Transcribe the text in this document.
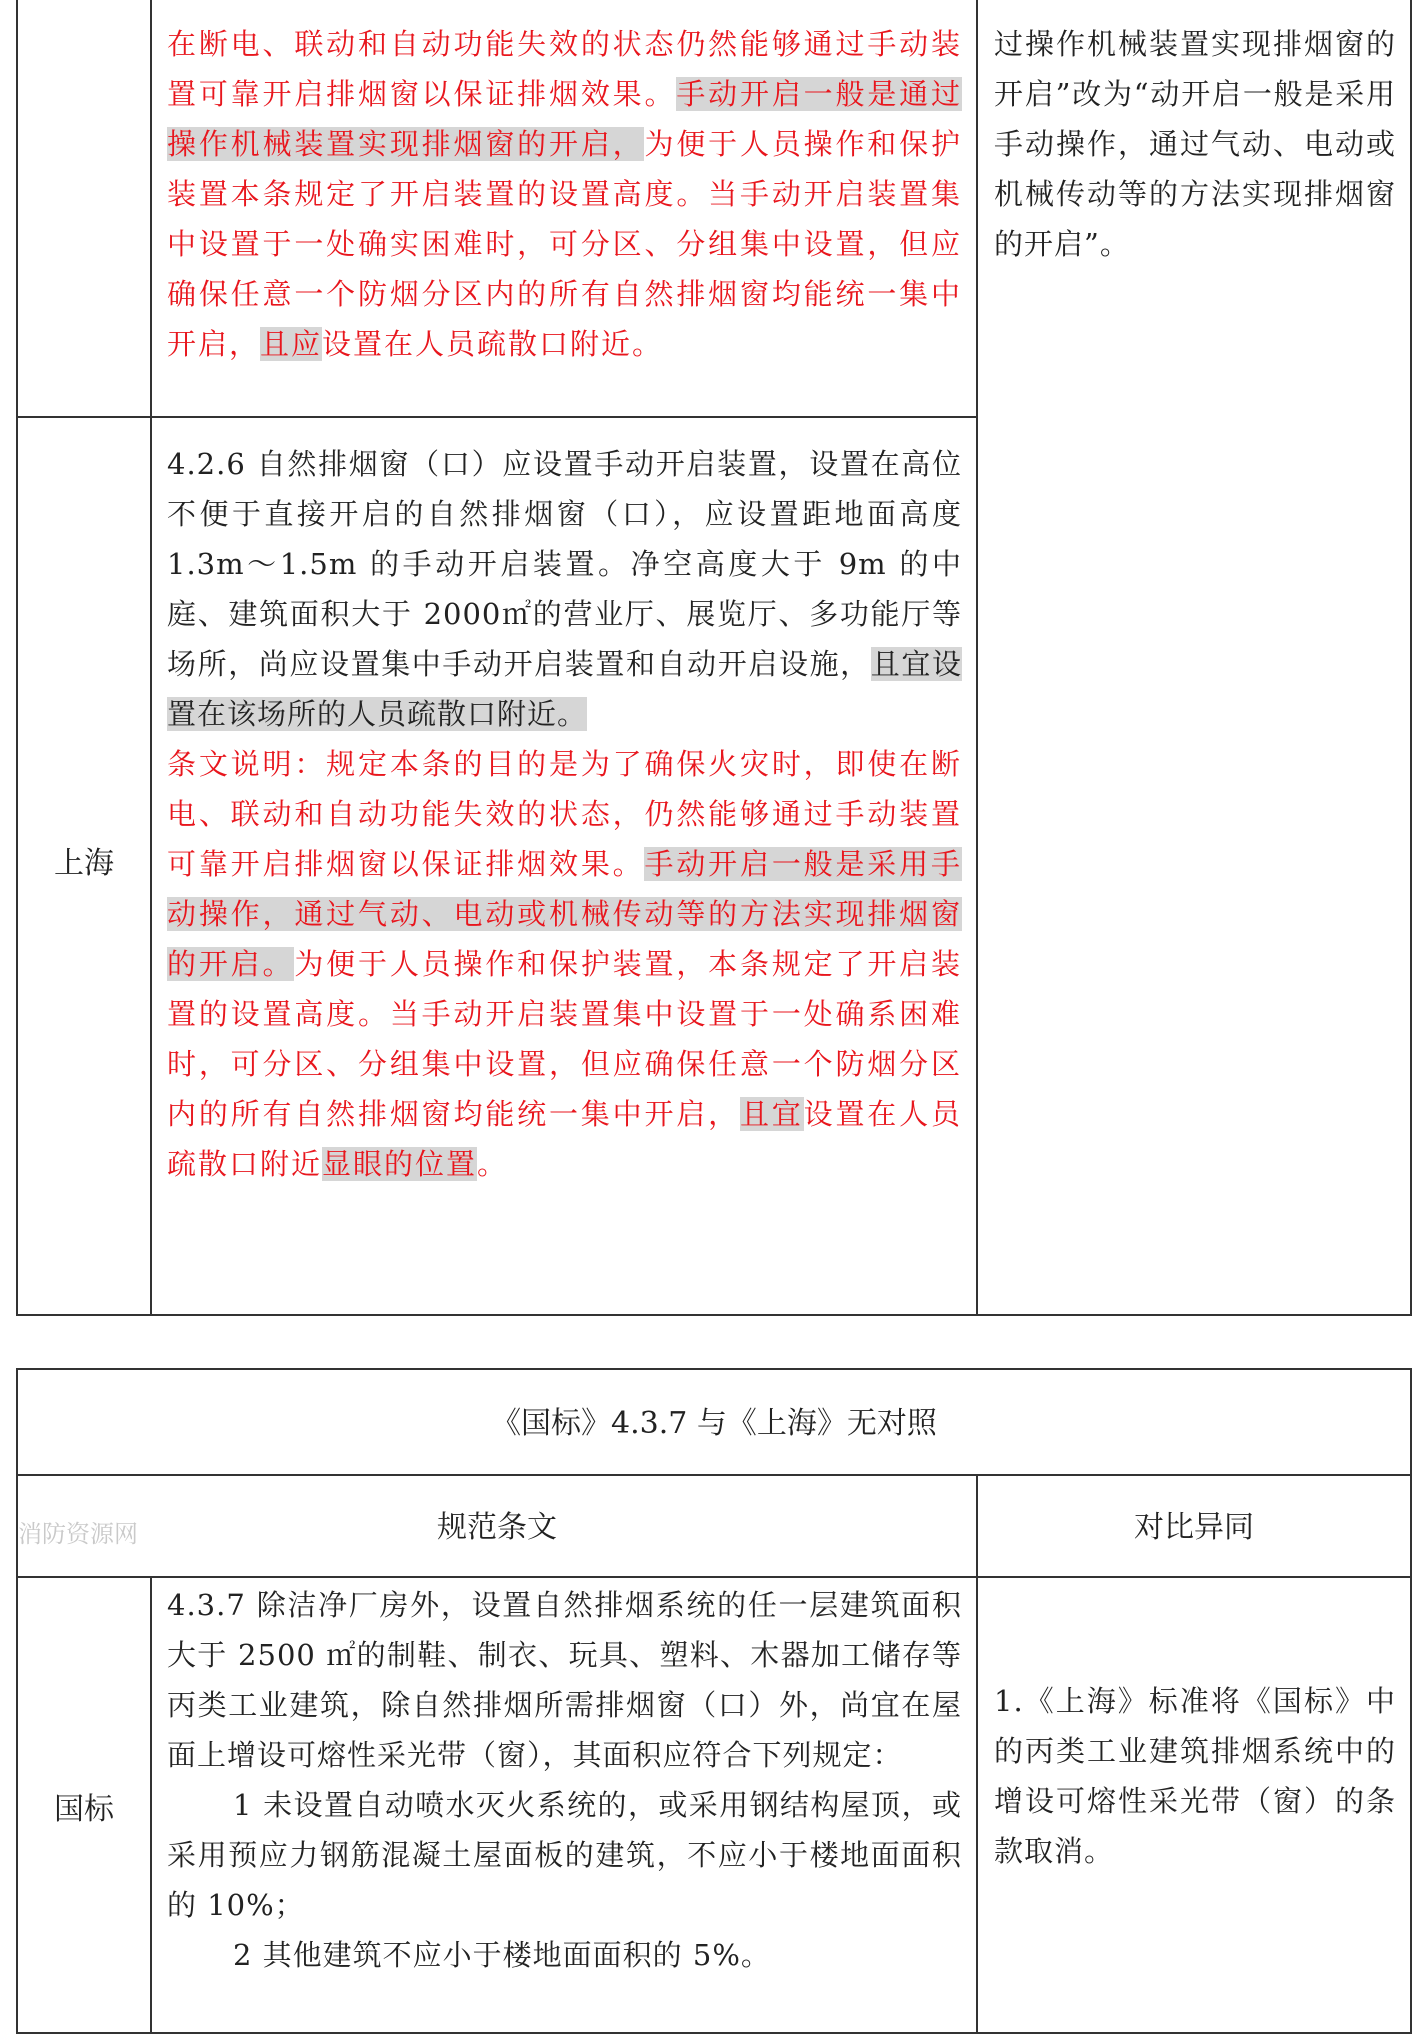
在断电、联动和自动功能失效的状态仍然能够通过手动装置可靠开启排烟窗以保证排烟效果。手动开启一般是通过操作机械装置实现排烟窗的开启，为便于人员操作和保护装置本条规定了开启装置的设置高度。当手动开启装置集中设置于一处确实困难时，可分区、分组集中设置，但应确保任意一个防烟分区内的所有自然排烟窗均能统一集中开启，且应设置在人员疏散口附近。

上海

4.2.6 自然排烟窗（口）应设置手动开启装置，设置在高位不便于直接开启的自然排烟窗（口），应设置距地面高度 1.3m～1.5m 的手动开启装置。净空高度大于 9m 的中庭、建筑面积大于 2000㎡的营业厅、展览厅、多功能厅等场所，尚应设置集中手动开启装置和自动开启设施，且宜设置在该场所的人员疏散口附近。

条文说明：规定本条的目的是为了确保火灾时，即使在断电、联动和自动功能失效的状态，仍然能够通过手动装置可靠开启排烟窗以保证排烟效果。手动开启一般是采用手动操作，通过气动、电动或机械传动等的方法实现排烟窗的开启。为便于人员操作和保护装置，本条规定了开启装置的设置高度。当手动开启装置集中设置于一处确系困难时，可分区、分组集中设置，但应确保任意一个防烟分区内的所有自然排烟窗均能统一集中开启，且宜设置在人员疏散口附近显眼的位置。

过操作机械装置实现排烟窗的开启”改为“动开启一般是采用手动操作，通过气动、电动或机械传动等的方法实现排烟窗的开启”。

《国标》4.3.7 与《上海》无对照
规范条文	对比异同
国标

4.3.7 除洁净厂房外，设置自然排烟系统的任一层建筑面积大于 2500 ㎡的制鞋、制衣、玩具、塑料、木器加工储存等丙类工业建筑，除自然排烟所需排烟窗（口）外，尚宜在屋面上增设可熔性采光带（窗），其面积应符合下列规定：

1 未设置自动喷水灭火系统的，或采用钢结构屋顶，或采用预应力钢筋混凝土屋面板的建筑，不应小于楼地面面积的 10%；

2 其他建筑不应小于楼地面面积的 5%。

1.《上海》标准将《国标》中的丙类工业建筑排烟系统中的增设可熔性采光带（窗）的条款取消。

消防资源网
